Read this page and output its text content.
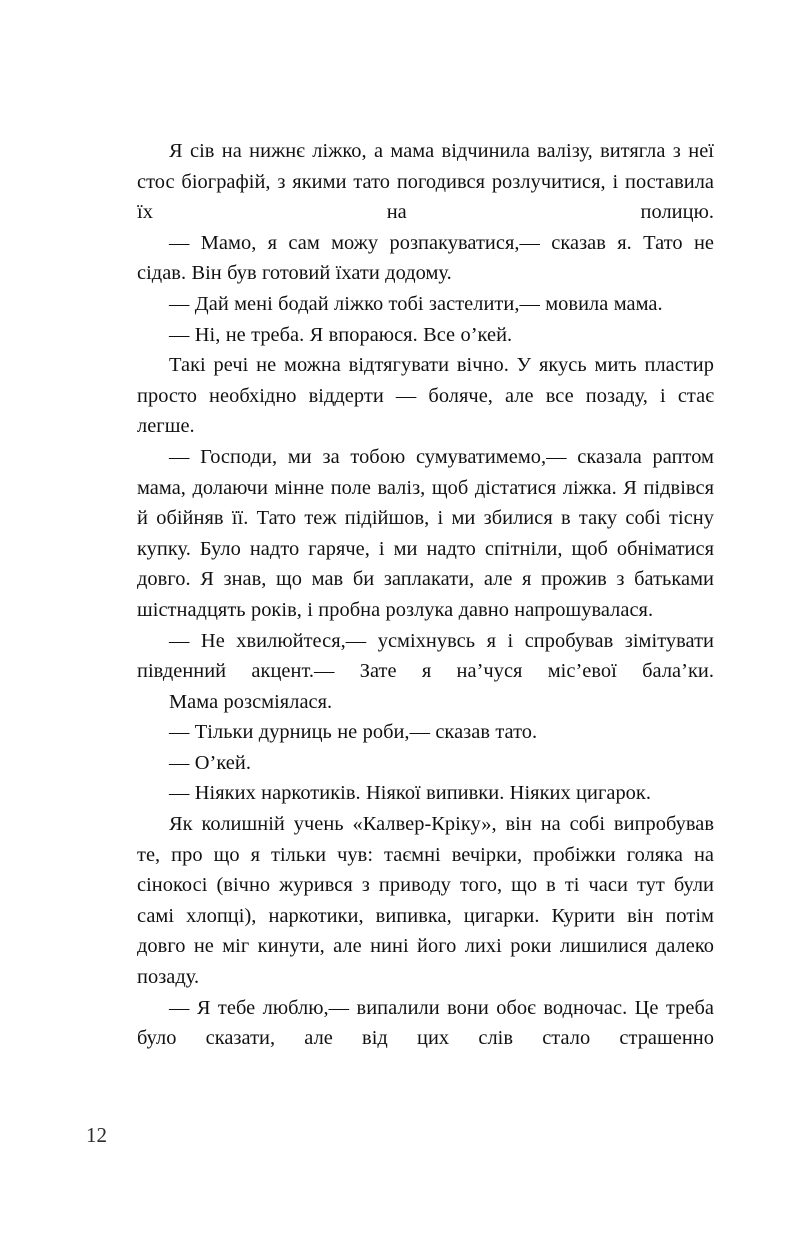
Я сів на нижнє ліжко, а мама відчинила валізу, витягла з неї стос біографій, з якими тато погодився розлучитися, і поставила їх на полицю.

— Мамо, я сам можу розпакуватися,— сказав я. Тато не сідав. Він був готовий їхати додому.

— Дай мені бодай ліжко тобі застелити,— мовила мама.

— Ні, не треба. Я впораюся. Все о’кей.

Такі речі не можна відтягувати вічно. У якусь мить пластир просто необхідно віддерти — боляче, але все позаду, і стає легше.

— Господи, ми за тобою сумуватимемо,— сказала раптом мама, долаючи мінне поле валіз, щоб дістатися ліжка. Я підвівся й обійняв її. Тато теж підійшов, і ми збилися в таку собі тісну купку. Було надто гаряче, і ми надто спітніли, щоб обніматися довго. Я знав, що мав би заплакати, але я прожив з батьками шістнадцять років, і пробна розлука давно напрошувалася.

— Не хвилюйтеся,— усміхнувсь я і спробував зімітувати південний акцент.— Зате я на’чуся міс’евої бала’ки.

Мама розсміялася.

— Тільки дурниць не роби,— сказав тато.

— О’кей.

— Ніяких наркотиків. Ніякої випивки. Ніяких цигарок.

Як колишній учень «Калвер-Кріку», він на собі випробував те, про що я тільки чув: таємні вечірки, пробіжки голяка на сінокосі (вічно журився з приводу того, що в ті часи тут були самі хлопці), наркотики, випивка, цигарки. Курити він потім довго не міг кинути, але нині його лихі роки лишилися далеко позаду.

— Я тебе люблю,— випалили вони обоє водночас. Це треба було сказати, але від цих слів стало страшенно

12
